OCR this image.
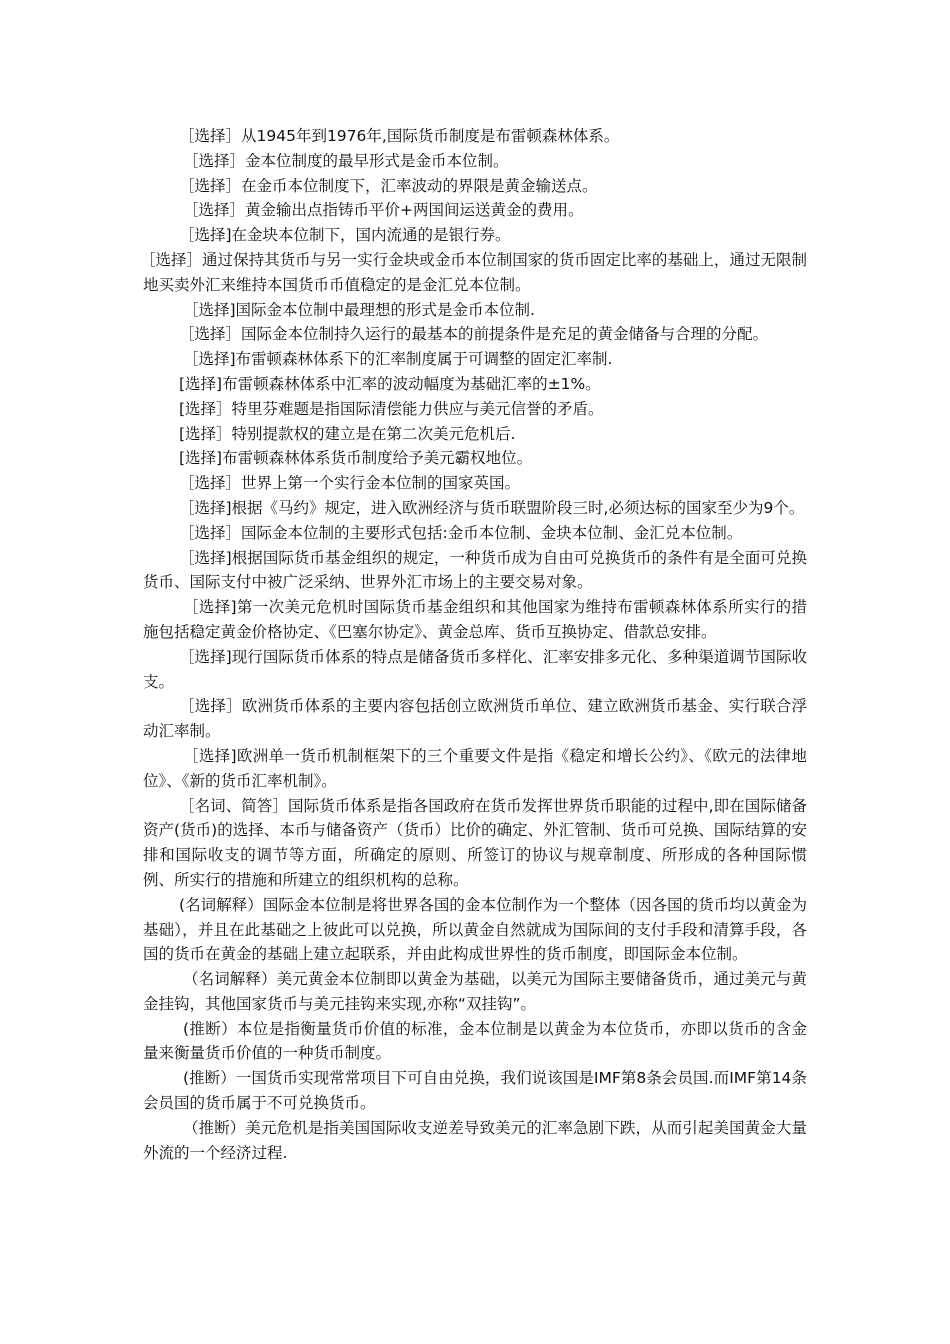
［选择］从1945年到1976年,国际货币制度是布雷顿森林体系。

［选择］金本位制度的最早形式是金币本位制。

［选择］在金币本位制度下，汇率波动的界限是黄金输送点。

［选择］黄金输出点指铸币平价+两国间运送黄金的费用。

［选择]在金块本位制下，国内流通的是银行券。

［选择］通过保持其货币与另一实行金块或金币本位制国家的货币固定比率的基础上，通过无限制地买卖外汇来维持本国货币币值稳定的是金汇兑本位制。

［选择]国际金本位制中最理想的形式是金币本位制.

［选择］国际金本位制持久运行的最基本的前提条件是充足的黄金储备与合理的分配。

［选择]布雷顿森林体系下的汇率制度属于可调整的固定汇率制.

[选择]布雷顿森林体系中汇率的波动幅度为基础汇率的±1%。

[选择］特里芬难题是指国际清偿能力供应与美元信誉的矛盾。

[选择］特别提款权的建立是在第二次美元危机后.

[选择]布雷顿森林体系货币制度给予美元霸权地位。

［选择］世界上第一个实行金本位制的国家英国。

［选择]根据《马约》规定，进入欧洲经济与货币联盟阶段三时,必须达标的国家至少为9个。

［选择］国际金本位制的主要形式包括:金币本位制、金块本位制、金汇兑本位制。

［选择]根据国际货币基金组织的规定，一种货币成为自由可兑换货币的条件有是全面可兑换货币、国际支付中被广泛采纳、世界外汇市场上的主要交易对象。

［选择]第一次美元危机时国际货币基金组织和其他国家为维持布雷顿森林体系所实行的措施包括稳定黄金价格协定、《巴塞尔协定》、黄金总库、货币互换协定、借款总安排。

［选择]现行国际货币体系的特点是储备货币多样化、汇率安排多元化、多种渠道调节国际收支。

［选择］欧洲货币体系的主要内容包括创立欧洲货币单位、建立欧洲货币基金、实行联合浮动汇率制。

［选择]欧洲单一货币机制框架下的三个重要文件是指《稳定和增长公约》、《欧元的法律地位》、《新的货币汇率机制》。

［名词、简答］国际货币体系是指各国政府在货币发挥世界货币职能的过程中,即在国际储备资产(货币)的选择、本币与储备资产（货币）比价的确定、外汇管制、货币可兑换、国际结算的安排和国际收支的调节等方面，所确定的原则、所签订的协议与规章制度、所形成的各种国际惯例、所实行的措施和所建立的组织机构的总称。

(名词解释）国际金本位制是将世界各国的金本位制作为一个整体（因各国的货币均以黄金为基础），并且在此基础之上彼此可以兑换，所以黄金自然就成为国际间的支付手段和清算手段，各国的货币在黄金的基础上建立起联系，并由此构成世界性的货币制度，即国际金本位制。

（名词解释）美元黄金本位制即以黄金为基础，以美元为国际主要储备货币，通过美元与黄金挂钩，其他国家货币与美元挂钩来实现,亦称“双挂钩”。

(推断）本位是指衡量货币价值的标准，金本位制是以黄金为本位货币，亦即以货币的含金量来衡量货币价值的一种货币制度。

(推断）一国货币实现常常项目下可自由兑换，我们说该国是IMF第8条会员国.而IMF第14条会员国的货币属于不可兑换货币。

（推断）美元危机是指美国国际收支逆差导致美元的汇率急剧下跌，从而引起美国黄金大量外流的一个经济过程.
